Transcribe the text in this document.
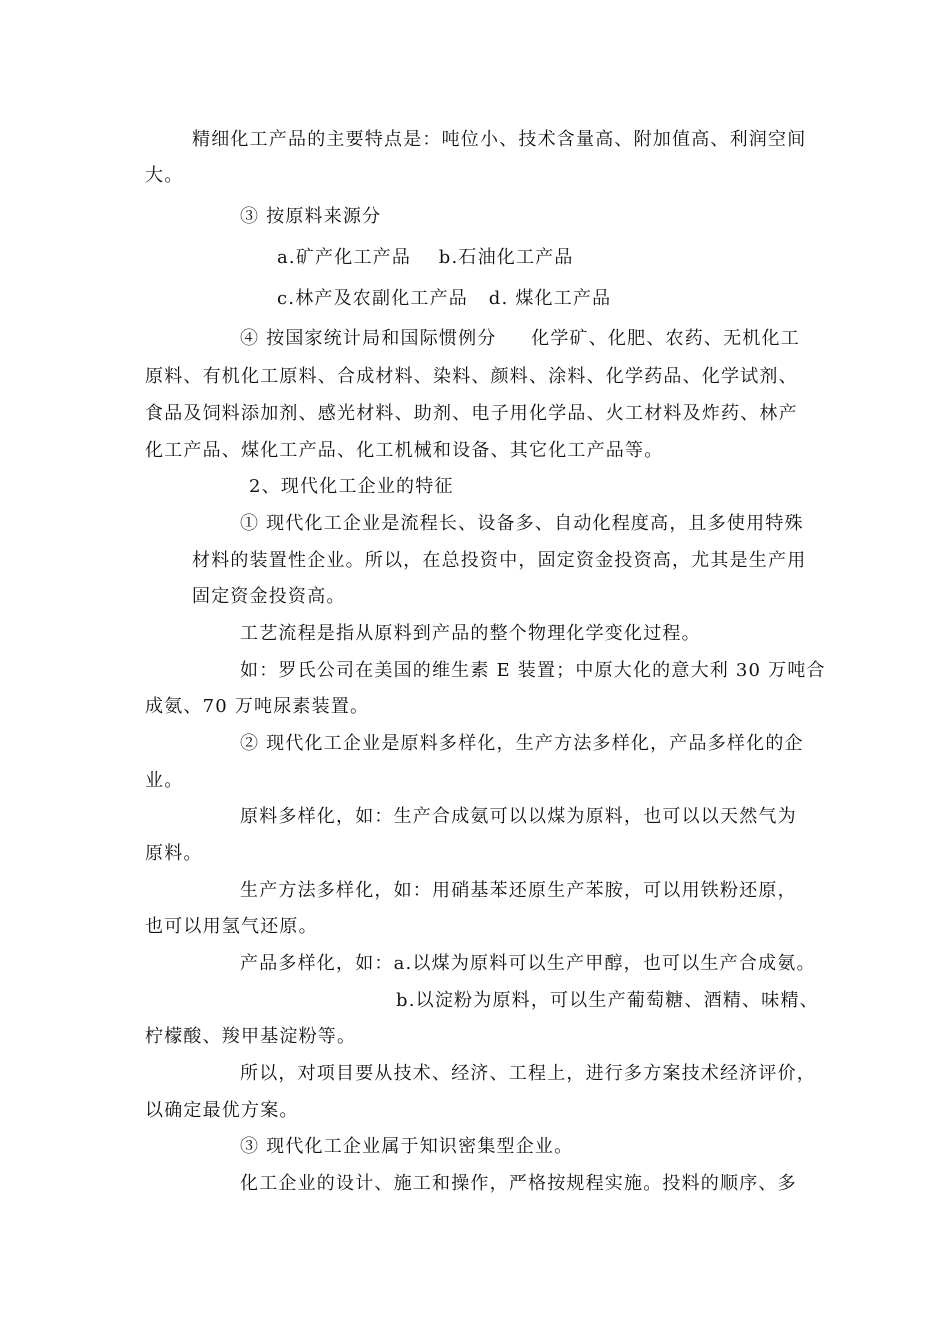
精细化工产品的主要特点是：吨位小、技术含量高、附加值高、利润空间
大。
③ 按原料来源分
a.矿产化工产品    b.石油化工产品
c.林产及农副化工产品   d. 煤化工产品
④ 按国家统计局和国际惯例分     化学矿、化肥、农药、无机化工
原料、有机化工原料、合成材料、染料、颜料、涂料、化学药品、化学试剂、
食品及饲料添加剂、感光材料、助剂、电子用化学品、火工材料及炸药、林产
化工产品、煤化工产品、化工机械和设备、其它化工产品等。
2、现代化工企业的特征
① 现代化工企业是流程长、设备多、自动化程度高，且多使用特殊
材料的装置性企业。所以，在总投资中，固定资金投资高，尤其是生产用
固定资金投资高。
工艺流程是指从原料到产品的整个物理化学变化过程。
如：罗氏公司在美国的维生素 E 装置；中原大化的意大利 30 万吨合
成氨、70 万吨尿素装置。
② 现代化工企业是原料多样化，生产方法多样化，产品多样化的企
业。
原料多样化，如：生产合成氨可以以煤为原料，也可以以天然气为
原料。
生产方法多样化，如：用硝基苯还原生产苯胺，可以用铁粉还原，
也可以用氢气还原。
产品多样化，如：a.以煤为原料可以生产甲醇，也可以生产合成氨。
b.以淀粉为原料，可以生产葡萄糖、酒精、味精、
柠檬酸、羧甲基淀粉等。
所以，对项目要从技术、经济、工程上，进行多方案技术经济评价，
以确定最优方案。
③ 现代化工企业属于知识密集型企业。
化工企业的设计、施工和操作，严格按规程实施。投料的顺序、多
